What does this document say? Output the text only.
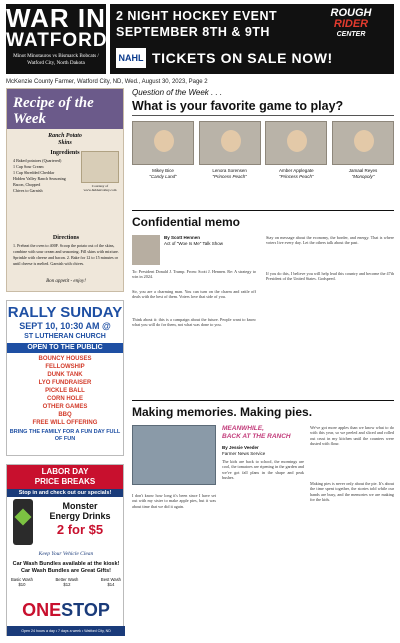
WAR IN
WATFORD
Minot Minotauros vs Bismarck Bobcats / Watford City, North Dakota
2 NIGHT HOCKEY EVENT
SEPTEMBER 8TH & 9TH
ROUGH
RIDER
CENTER
NAHL TICKETS ON SALE NOW!
McKenzie County Farmer, Watford City, ND, Wed., August 30, 2023, Page 2
Recipe of the Week
Ranch Potato
Skins
Ingredients
4 Baked potatoes (Quartered)
1 Cup Sour Cream
1 Cup Shredded Cheddar
Hidden Valley Ranch Seasoning
Bacon, Chopped
Chives to Garnish
Courtesy of www.hiddenvalley.com
Directions
1. Preheat the oven to 400F. Scoop the potato out of the skins, combine with sour cream and seasoning. Fill skins with mixture. Sprinkle with cheese and bacon. 2. Bake for 12 to 15 minutes or until cheese is melted. Garnish with chives.
Bon appetit - enjoy!
RALLY SUNDAY
SEPT 10, 10:30 AM @
ST LUTHERAN CHURCH
OPEN TO THE PUBLIC
BOUNCY HOUSES
FELLOWSHIP
DUNK TANK
LYO FUNDRAISER
PICKLE BALL
CORN HOLE
OTHER GAMES
BBQ
FREE WILL OFFERING
BRING THE FAMILY FOR A FUN DAY FULL OF FUN
LABOR DAY
PRICE BREAKS
Stop in and check out our specials!
Monster
Energy Drinks
2 for $5
Keep Your Vehicle Clean
Car Wash Bundles available at the kiosk!
Car Wash Bundles are Great Gifts!
Basic Wash
$10
Better Wash
$12
Best Wash
$14
ONESTOP
Open 24 hours a day • 7 days a week • Watford City, ND
Question of the Week . . .
What is your favorite game to play?
Mikey Bice
"Candy Land"
Lenora Sorensen
"Princess Peach"
Amber Applegate
"Princess Peach"
Jamaal Reyes
"Monopoly"
Confidential memo
By Scott Hennen
Act of "Woe Is Me" Talk Show
To: President Donald J. Trump. From: Scott J. Hennen. Re: A strategy to win in 2024.
Sir, you are a charming man. You can turn on the charm and rattle off deals with the best of them. Voters love that side of you.
Think about it: this is a campaign about the future. People want to know what you will do for them, not what was done to you.
Stay on message about the economy, the border, and energy. That is where voters live every day. Let the others talk about the past.
If you do this, I believe you will help lead this country and become the 47th President of the United States. Godspeed.
Making memories. Making pies.
MEANWHILE,
BACK AT THE RANCH
By Jessie Veeder
Farmer News Service
The kids are back to school, the mornings are cool, the tomatoes are ripening in the garden and we've got fall plans in the shape and peak bushes.
I don't know how long it's been since I have set out with my sister to make apple pies, but it was about time that we did it again.
We've got more apples than we know what to do with this year, so we peeled and sliced and rolled out crust in my kitchen until the counters were dusted with flour.
Making pies is never only about the pie. It's about the time spent together, the stories told while our hands are busy, and the memories we are making for the kids.
